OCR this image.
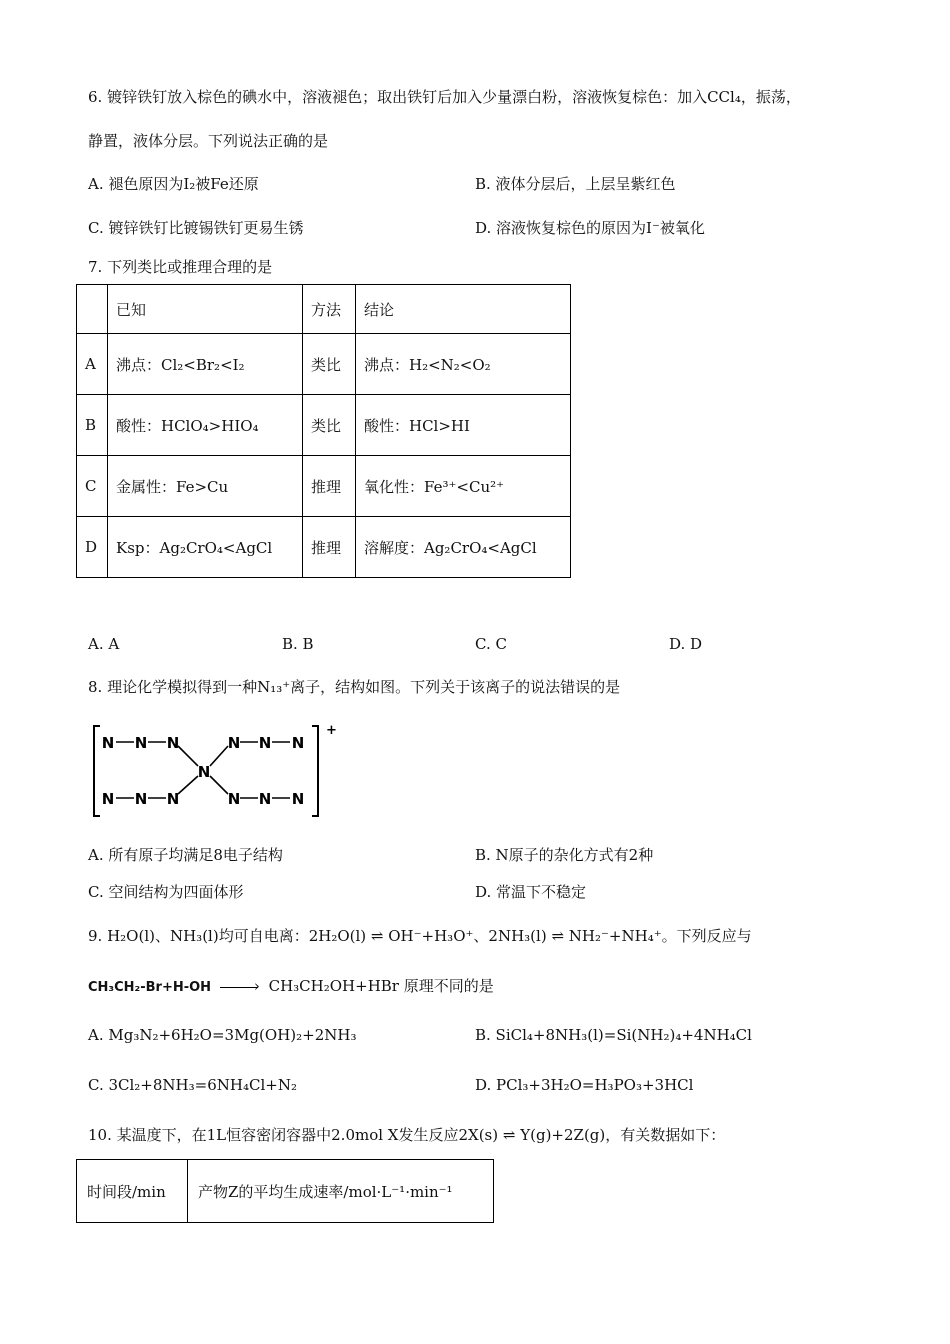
6. 镀锌铁钉放入棕色的碘水中，溶液褪色；取出铁钉后加入少量漂白粉，溶液恢复棕色：加入CCl₄，振荡，
静置，液体分层。下列说法正确的是
A. 褪色原因为I₂被Fe还原	B. 液体分层后，上层呈紫红色
C. 镀锌铁钉比镀锡铁钉更易生锈	D. 溶液恢复棕色的原因为I⁻被氧化
7. 下列类比或推理合理的是
	已知	方法	结论
A	沸点：Cl₂<Br₂<I₂	类比	沸点：H₂<N₂<O₂
B	酸性：HClO₄>HIO₄	类比	酸性：HCl>HI
C	金属性：Fe>Cu	推理	氧化性：Fe³⁺<Cu²⁺
D	Ksp：Ag₂CrO₄<AgCl	推理	溶解度：Ag₂CrO₄<AgCl
A. A	B. B	C. C	D. D
8. 理论化学模拟得到一种N₁₃⁺离子，结构如图。下列关于该离子的说法错误的是
N N N
N N N
N
N N N
N N N
+
A. 所有原子均满足8电子结构	B. N原子的杂化方式有2种
C. 空间结构为四面体形	D. 常温下不稳定
9. H₂O(l)、NH₃(l)均可自电离：2H₂O(l) ⇌ OH⁻+H₃O⁺、2NH₃(l) ⇌ NH₂⁻+NH₄⁺。下列反应与
CH₃CH₂-Br+H-OH	› CH₃CH₂OH+HBr 原理不同的是
A. Mg₃N₂+6H₂O=3Mg(OH)₂+2NH₃	B. SiCl₄+8NH₃(l)=Si(NH₂)₄+4NH₄Cl
C. 3Cl₂+8NH₃=6NH₄Cl+N₂	D. PCl₃+3H₂O=H₃PO₃+3HCl
10. 某温度下，在1L恒容密闭容器中2.0mol X发生反应2X(s) ⇌ Y(g)+2Z(g)，有关数据如下：
时间段/min	产物Z的平均生成速率/mol·L⁻¹·min⁻¹
